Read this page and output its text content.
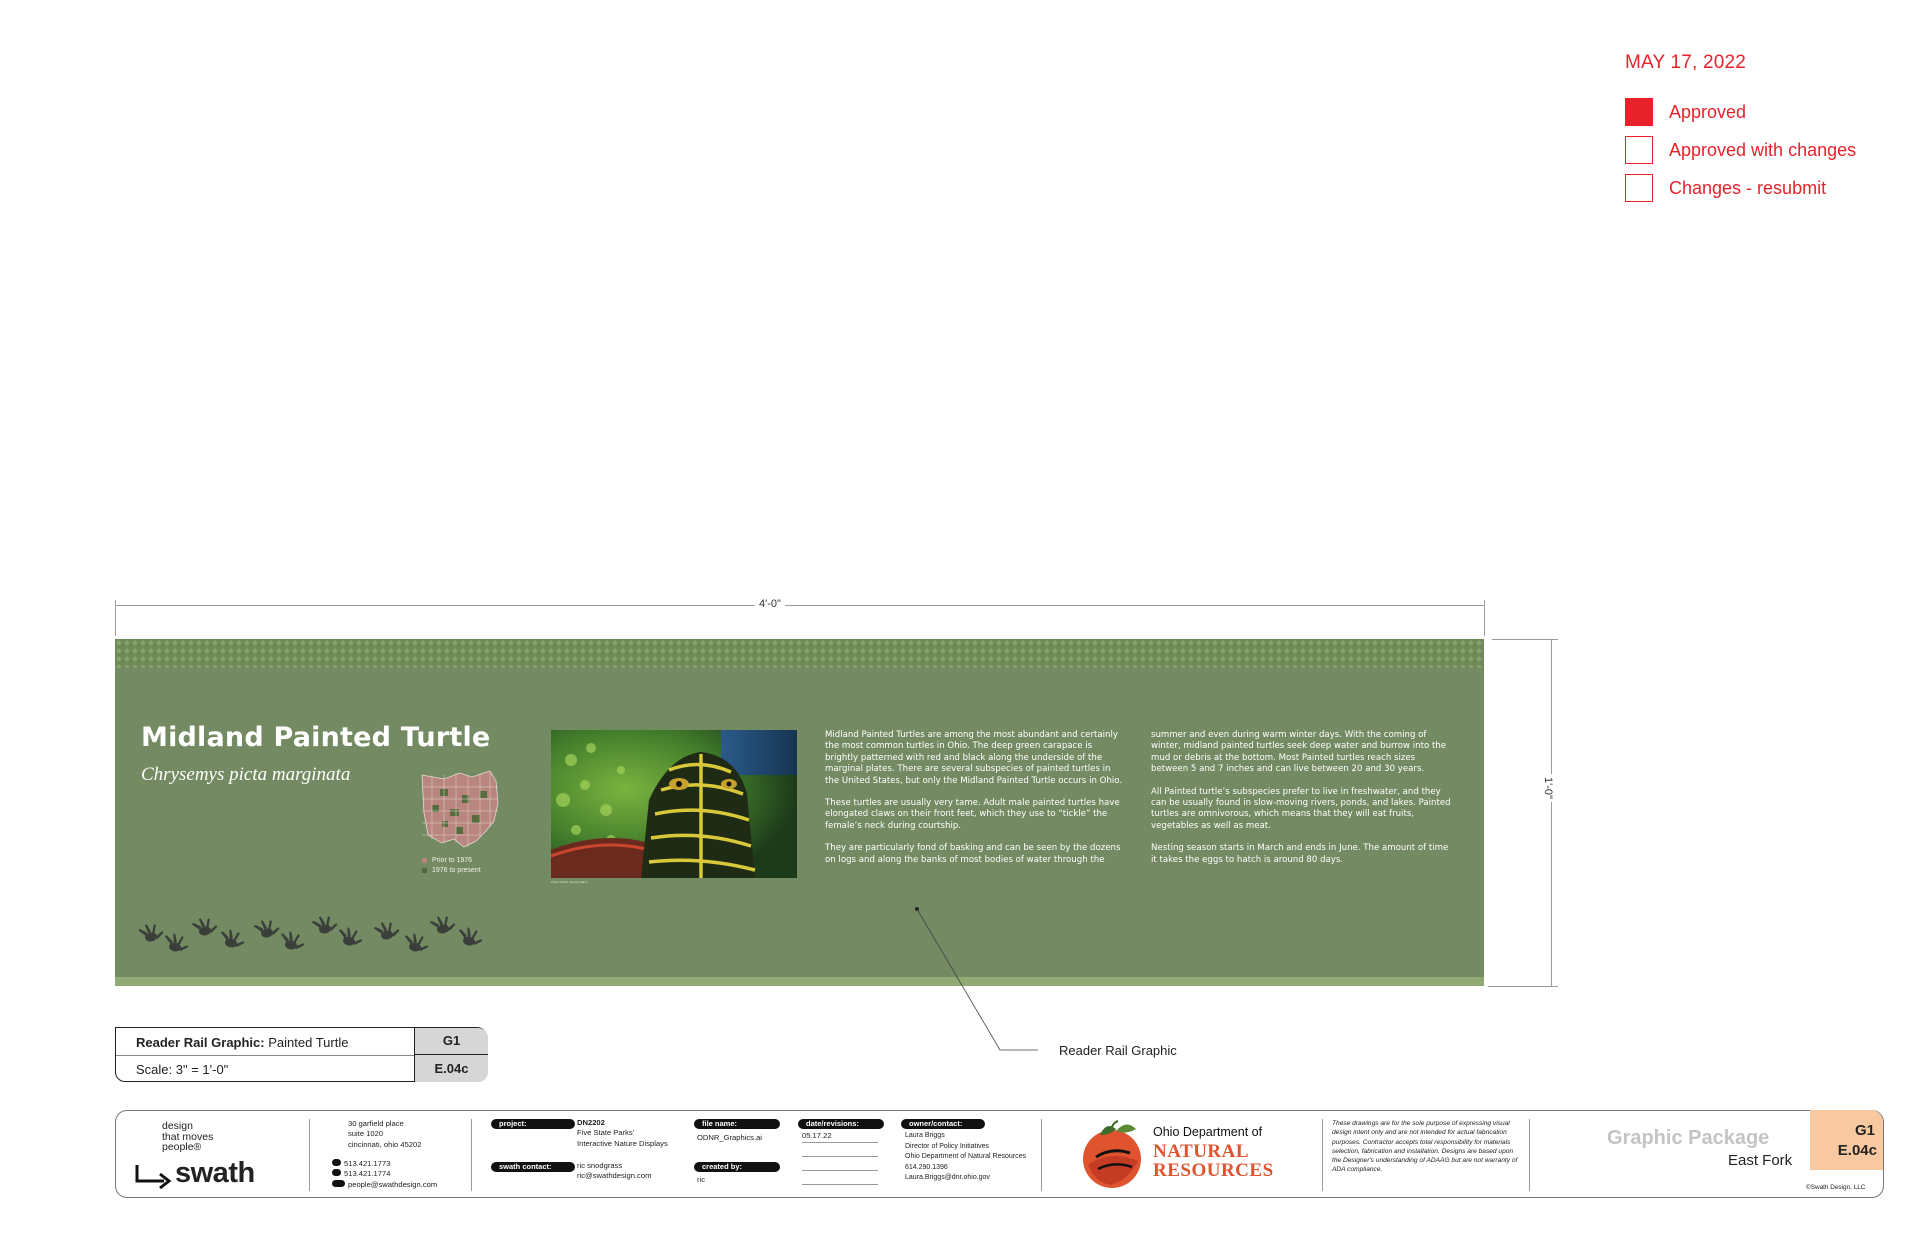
MAY 17, 2022
Approved
Approved with changes
Changes - resubmit
4'-0"
1'-0"
Midland Painted Turtle
Chrysemys picta marginata
Prior to 1976
1976 to present
Photo Credit: Source Name

Midland Painted Turtles are among the most abundant and certainly the most common turtles in Ohio. The deep green carapace is brightly patterned with red and black along the underside of the marginal plates. There are several subspecies of painted turtles in the United States, but only the Midland Painted Turtle occurs in Ohio.

These turtles are usually very tame. Adult male painted turtles have elongated claws on their front feet, which they use to “tickle” the female’s neck during courtship.

They are particularly fond of basking and can be seen by the dozens on logs and along the banks of most bodies of water through the

summer and even during warm winter days. With the coming of winter, midland painted turtles seek deep water and burrow into the mud or debris at the bottom. Most Painted turtles reach sizes between 5 and 7 inches and can live between 20 and 30 years.

All Painted turtle’s subspecies prefer to live in freshwater, and they can be usually found in slow-moving rivers, ponds, and lakes. Painted turtles are omnivorous, which means that they will eat fruits, vegetables as well as meat.

Nesting season starts in March and ends in June. The amount of time it takes the eggs to hatch is around 80 days.

Reader Rail Graphic
Reader Rail Graphic: Painted Turtle
Scale: 3" = 1'-0"
G1
E.04c
design
that moves
people®
swath
30 garfield place
suite 1020
cincinnati, ohio 45202
513.421.1773
513.421.1774
people@swathdesign.com
project:	DN2202
Five State Parks'
Interactive Nature Displays
swath contact:	ric snodgrass
ric@swathdesign.com
file name:
ODNR_Graphics.ai
created by:
ric
date/revisions:
05.17.22
owner/contact:
Laura Briggs
Director of Policy Initiatives
Ohio Department of Natural Resources
614.290.1396
Laura.Briggs@dnr.ohio.gov
Ohio Department of
NATURAL
RESOURCES
These drawings are for the sole purpose of expressing visual design intent only and are not intended for actual fabrication purposes. Contractor accepts total responsibility for materials selection, fabrication and installation. Designs are based upon the Designer's understanding of ADAAG but are not warranty of ADA compliance.
Graphic Package
East Fork
G1
E.04c
©Swath Design, LLC
